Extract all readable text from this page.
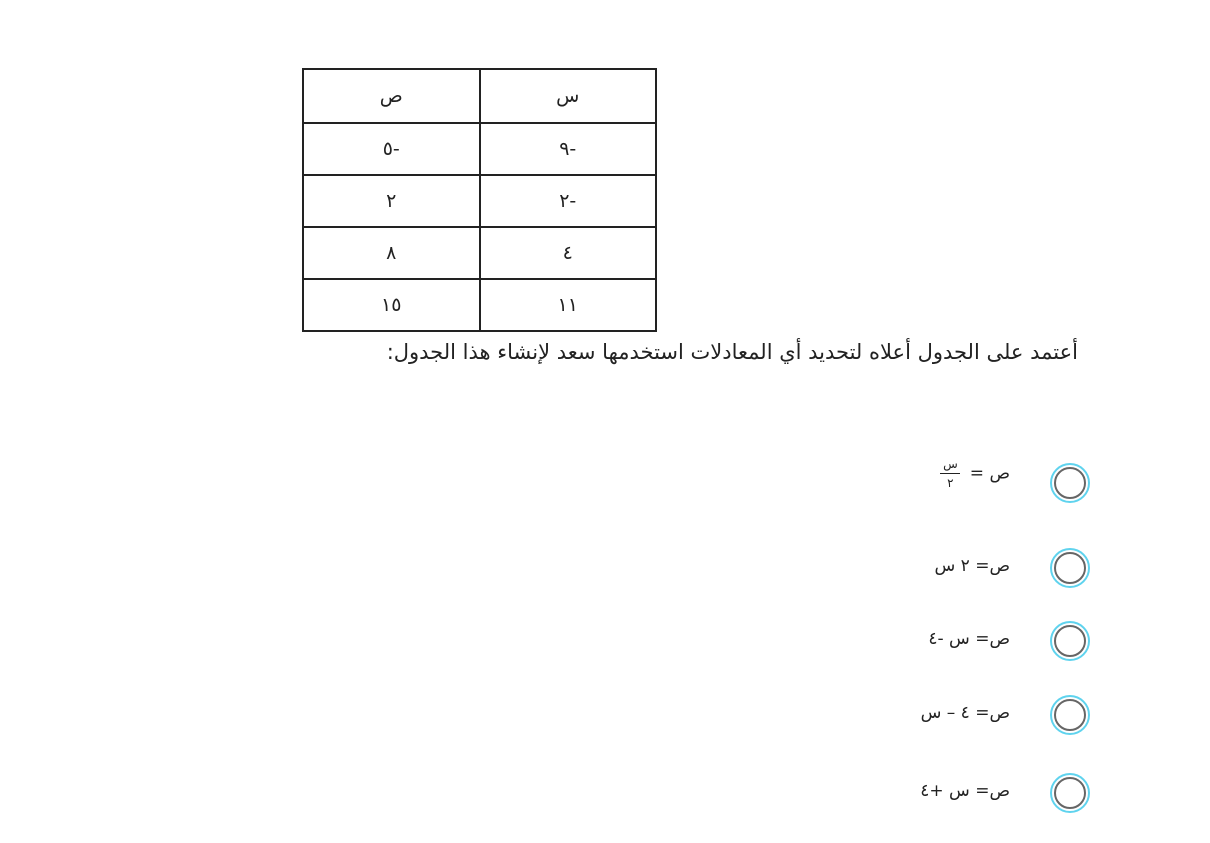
س	ص
-٩	-٥
-٢	٢
٤	٨
١١	١٥
أعتمد على الجدول أعلاه لتحديد أي المعادلات استخدمها سعد لإنشاء هذا الجدول:
ص =
$\frac{\text{س}}{٢}$
ص= ٢ س
ص= س -٤
ص= ٤ – س
ص= س +٤
